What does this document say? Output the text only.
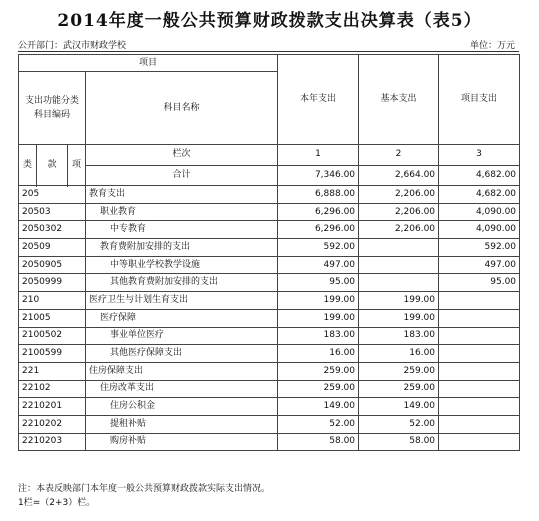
2014年度一般公共预算财政拨款支出决算表（表5）
公开部门：武汉市财政学校	单位：万元
项目				本年支出	基本支出	项目支出
支出功能分类科目编码			科目名称			

类	款	项	栏次	1	2	3
			合计	7,346.00	2,664.00	4,682.00

205			教育支出	6,888.00	2,206.00	4,682.00
20503			职业教育	6,296.00	2,206.00	4,090.00
2050302			中专教育	6,296.00	2,206.00	4,090.00
20509			教育费附加安排的支出	592.00		592.00
2050905			中等职业学校教学设施	497.00		497.00
2050999			其他教育费附加安排的支出	95.00		95.00
210			医疗卫生与计划生育支出	199.00	199.00	
21005			医疗保障	199.00	199.00	
2100502			事业单位医疗	183.00	183.00	
2100599			其他医疗保障支出	16.00	16.00	
221			住房保障支出	259.00	259.00	
22102			住房改革支出	259.00	259.00	
2210201			住房公积金	149.00	149.00	
2210202			提租补贴	52.00	52.00	
2210203			购房补贴	58.00	58.00	
注：本表反映部门本年度一般公共预算财政拨款实际支出情况。
1栏=（2+3）栏。
